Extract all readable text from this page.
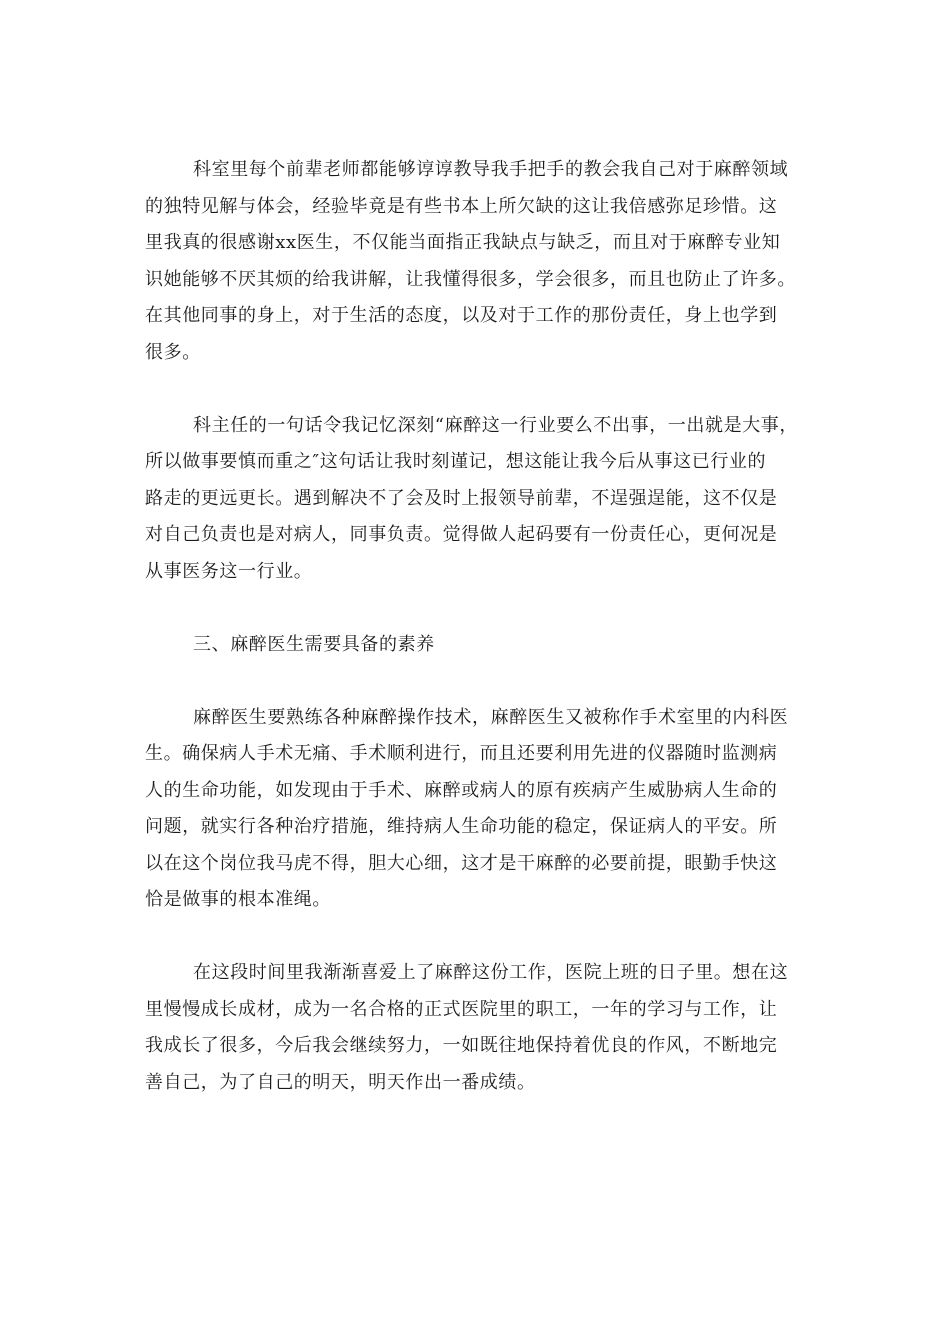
科室里每个前辈老师都能够谆谆教导我手把手的教会我自己对于麻醉领域
的独特见解与体会，经验毕竟是有些书本上所欠缺的这让我倍感弥足珍惜。这
里我真的很感谢xx医生，不仅能当面指正我缺点与缺乏，而且对于麻醉专业知
识她能够不厌其烦的给我讲解，让我懂得很多，学会很多，而且也防止了许多。
在其他同事的身上，对于生活的态度，以及对于工作的那份责任，身上也学到
很多。
科主任的一句话令我记忆深刻“麻醉这一行业要么不出事，一出就是大事，
所以做事要慎而重之″这句话让我时刻谨记，想这能让我今后从事这已行业的
路走的更远更长。遇到解决不了会及时上报领导前辈，不逞强逞能，这不仅是
对自己负责也是对病人，同事负责。觉得做人起码要有一份责任心，更何况是
从事医务这一行业。
三、麻醉医生需要具备的素养
麻醉医生要熟练各种麻醉操作技术，麻醉医生又被称作手术室里的内科医
生。确保病人手术无痛、手术顺利进行，而且还要利用先进的仪器随时监测病
人的生命功能，如发现由于手术、麻醉或病人的原有疾病产生威胁病人生命的
问题，就实行各种治疗措施，维持病人生命功能的稳定，保证病人的平安。所
以在这个岗位我马虎不得，胆大心细，这才是干麻醉的必要前提，眼勤手快这
恰是做事的根本准绳。
在这段时间里我渐渐喜爱上了麻醉这份工作，医院上班的日子里。想在这
里慢慢成长成材，成为一名合格的正式医院里的职工，一年的学习与工作，让
我成长了很多，今后我会继续努力，一如既往地保持着优良的作风，不断地完
善自己，为了自己的明天，明天作出一番成绩。
